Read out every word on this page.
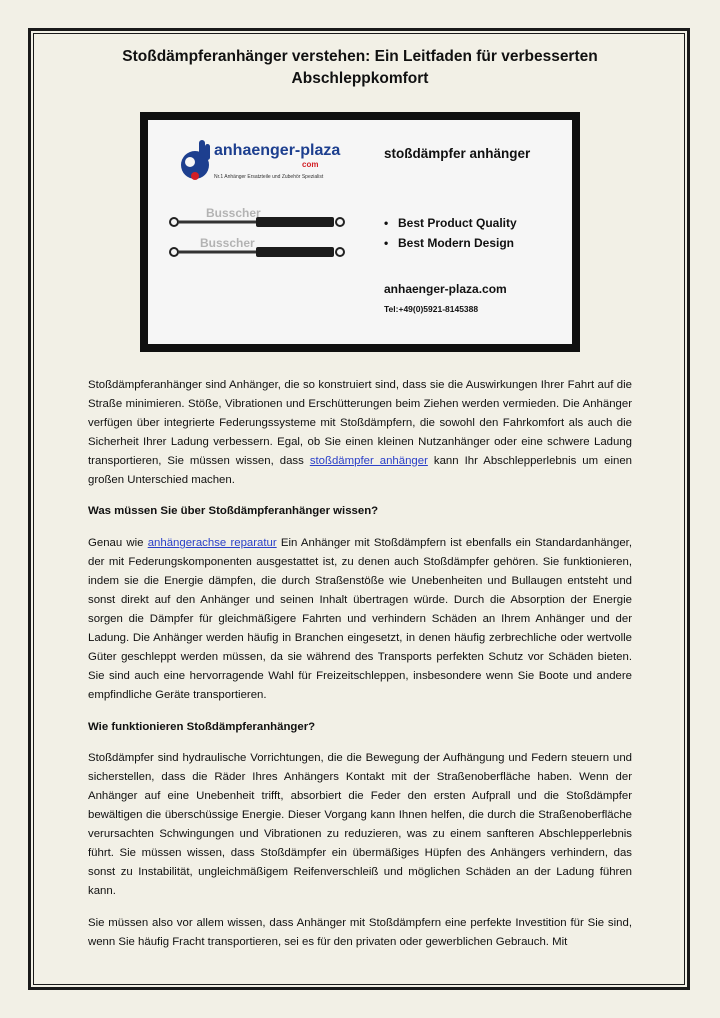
Stoßdämpferanhänger verstehen: Ein Leitfaden für verbesserten Abschleppkomfort
anhaenger-plaza
com
Nr.1 Anhänger Ersatzteile und Zubehör Spezialist
Busscher
Busscher
stoßdämpfer anhänger
• Best Product Quality
• Best Modern Design
anhaenger-plaza.com
Tel:+49(0)5921-8145388

Stoßdämpferanhänger sind Anhänger, die so konstruiert sind, dass sie die Auswirkungen Ihrer Fahrt auf die Straße minimieren. Stöße, Vibrationen und Erschütterungen beim Ziehen werden vermieden. Die Anhänger verfügen über integrierte Federungssysteme mit Stoßdämpfern, die sowohl den Fahrkomfort als auch die Sicherheit Ihrer Ladung verbessern. Egal, ob Sie einen kleinen Nutzanhänger oder eine schwere Ladung transportieren, Sie müssen wissen, dass stoßdämpfer anhänger kann Ihr Abschlepperlebnis um einen großen Unterschied machen.

Was müssen Sie über Stoßdämpferanhänger wissen?

Genau wie anhängerachse reparatur Ein Anhänger mit Stoßdämpfern ist ebenfalls ein Standardanhänger, der mit Federungskomponenten ausgestattet ist, zu denen auch Stoßdämpfer gehören. Sie funktionieren, indem sie die Energie dämpfen, die durch Straßenstöße wie Unebenheiten und Bullaugen entsteht und sonst direkt auf den Anhänger und seinen Inhalt übertragen würde. Durch die Absorption der Energie sorgen die Dämpfer für gleichmäßigere Fahrten und verhindern Schäden an Ihrem Anhänger und der Ladung. Die Anhänger werden häufig in Branchen eingesetzt, in denen häufig zerbrechliche oder wertvolle Güter geschleppt werden müssen, da sie während des Transports perfekten Schutz vor Schäden bieten. Sie sind auch eine hervorragende Wahl für Freizeitschleppen, insbesondere wenn Sie Boote und andere empfindliche Geräte transportieren.

Wie funktionieren Stoßdämpferanhänger?

Stoßdämpfer sind hydraulische Vorrichtungen, die die Bewegung der Aufhängung und Federn steuern und sicherstellen, dass die Räder Ihres Anhängers Kontakt mit der Straßenoberfläche haben. Wenn der Anhänger auf eine Unebenheit trifft, absorbiert die Feder den ersten Aufprall und die Stoßdämpfer bewältigen die überschüssige Energie. Dieser Vorgang kann Ihnen helfen, die durch die Straßenoberfläche verursachten Schwingungen und Vibrationen zu reduzieren, was zu einem sanfteren Abschlepperlebnis führt. Sie müssen wissen, dass Stoßdämpfer ein übermäßiges Hüpfen des Anhängers verhindern, das sonst zu Instabilität, ungleichmäßigem Reifenverschleiß und möglichen Schäden an der Ladung führen kann.

Sie müssen also vor allem wissen, dass Anhänger mit Stoßdämpfern eine perfekte Investition für Sie sind, wenn Sie häufig Fracht transportieren, sei es für den privaten oder gewerblichen Gebrauch. Mit
